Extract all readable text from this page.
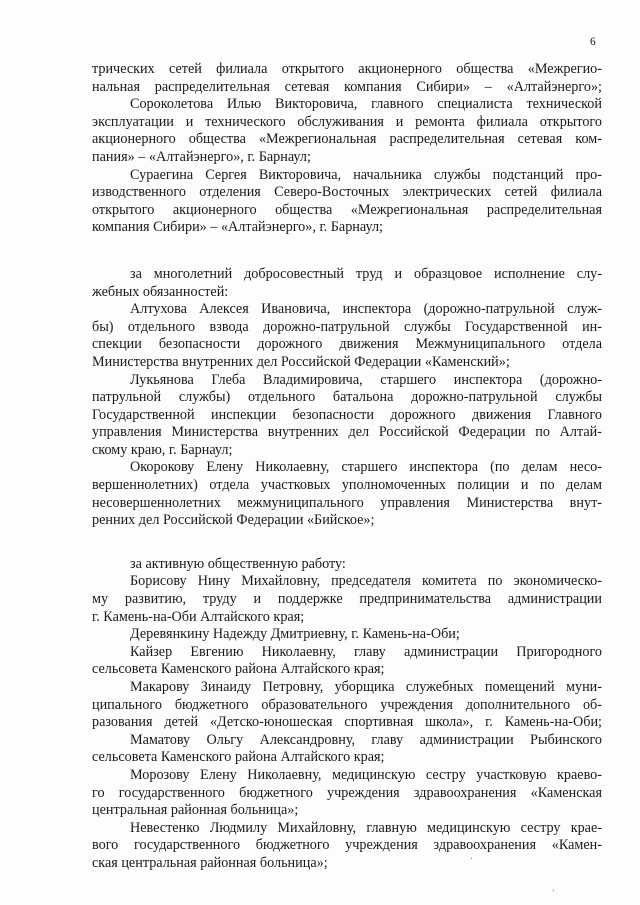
6
трических сетей филиала открытого акционерного общества «Межрегио-
нальная распределительная сетевая компания Сибири» – «Алтайэнерго»;
Сороколетова Илью Викторовича, главного специалиста технической
эксплуатации и технического обслуживания и ремонта филиала открытого
акционерного общества «Межрегиональная распределительная сетевая ком-
пания» – «Алтайэнерго», г. Барнаул;
Сураегина Сергея Викторовича, начальника службы подстанций про-
изводственного отделения Северо-Восточных электрических сетей филиала
открытого акционерного общества «Межрегиональная распределительная
компания Сибири» – «Алтайэнерго», г. Барнаул;
за многолетний добросовестный труд и образцовое исполнение слу-
жебных обязанностей:
Алтухова Алексея Ивановича, инспектора (дорожно-патрульной служ-
бы) отдельного взвода дорожно-патрульной службы Государственной ин-
спекции безопасности дорожного движения Межмуниципального отдела
Министерства внутренних дел Российской Федерации «Каменский»;
Лукьянова Глеба Владимировича, старшего инспектора (дорожно-
патрульной службы) отдельного батальона дорожно-патрульной службы
Государственной инспекции безопасности дорожного движения Главного
управления Министерства внутренних дел Российской Федерации по Алтай-
скому краю, г. Барнаул;
Окорокову Елену Николаевну, старшего инспектора (по делам несо-
вершеннолетних) отдела участковых уполномоченных полиции и по делам
несовершеннолетних межмуниципального управления Министерства внут-
ренних дел Российской Федерации «Бийское»;
за активную общественную работу:
Борисову Нину Михайловну, председателя комитета по экономическо-
му развитию, труду и поддержке предпринимательства администрации
г. Камень-на-Оби Алтайского края;
Деревянкину Надежду Дмитриевну, г. Камень-на-Оби;
Кайзер Евгению Николаевну, главу администрации Пригородного
сельсовета Каменского района Алтайского края;
Макарову Зинаиду Петровну, уборщика служебных помещений муни-
ципального бюджетного образовательного учреждения дополнительного об-
разования детей «Детско-юношеская спортивная школа», г. Камень-на-Оби;
Маматову Ольгу Александровну, главу администрации Рыбинского
сельсовета Каменского района Алтайского края;
Морозову Елену Николаевну, медицинскую сестру участковую краево-
го государственного бюджетного учреждения здравоохранения «Каменская
центральная районная больница»;
Невестенко Людмилу Михайловну, главную медицинскую сестру крае-
вого государственного бюджетного учреждения здравоохранения «Камен-
ская центральная районная больница»;
